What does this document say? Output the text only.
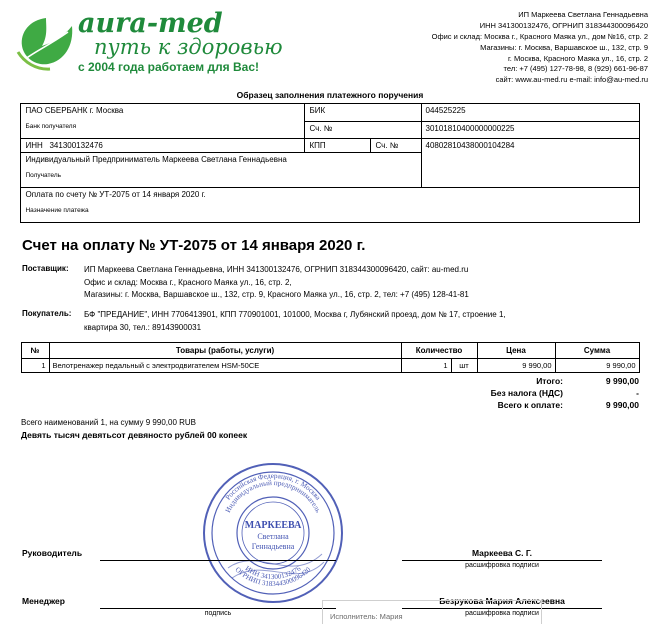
aura-med
путь к здоровью
с 2004 года работаем для Вас!
ИП Маркеева Светлана Геннадьевна
ИНН 341300132476, ОГРНИП 318344300096420
Офис и склад: Москва г., Красного Маяка ул., дом №16, стр. 2
Магазины: г. Москва, Варшавское ш., 132, стр. 9
г. Москва, Красного Маяка ул., 16, стр. 2
тел: +7 (495) 127-78-98, 8 (929) 661-96-87
сайт: www.au-med.ru e-mail: info@au-med.ru
Образец заполнения платежного поручения
ПАО СБЕРБАНК г. Москва
Банк получателя	БИК		044525225
	Сч. №		30101810400000000225
ИНН 341300132476	КПП	Сч. №	40802810438000104284

Индивидуальный Предприниматель Маркеева Светлана Геннадьевна
Получатель			

Оплата по счету № УТ-2075 от 14 января 2020 г.
Назначение платежа			
Счет на оплату № УТ-2075 от 14 января 2020 г.
Поставщик:	ИП Маркеева Светлана Геннадьевна, ИНН 341300132476, ОГРНИП 318344300096420, сайт: au-med.ru
Офис и склад: Москва г., Красного Маяка ул., 16, стр. 2,
Магазины: г. Москва, Варшавское ш., 132, стр. 9, Красного Маяка ул., 16, стр. 2, тел: +7 (495) 128-41-81
Покупатель:	БФ "ПРЕДАНИЕ", ИНН 7706413901, КПП 770901001, 101000, Москва г, Лубянский проезд, дом № 17, строение 1,
квартира 30, тел.: 89143900031
№	Товары (работы, услуги)	Количество		Цена	Сумма
1	Велотренажер педальный с электродвигателем HSM-50CE	1	шт	9 990,00	9 990,00
Итого:	9 990,00
Без налога (НДС)	-
Всего к оплате:	9 990,00
Всего наименований 1, на сумму 9 990,00 RUB
Девять тысяч девятьсот девяносто рублей 00 копеек
Российская Федерация, г. Москва
Индивидуальный предприниматель
ОГРНИП 318344300096420
ИНН 341300132476
МАРКЕЕВА
Светлана
Геннадьевна
Руководитель	Маркеева С. Г.
расшифровка подписи
Менеджер
подпись
Безрукова Мария Алексеевна
расшифровка подписи
Исполнитель: Мария
